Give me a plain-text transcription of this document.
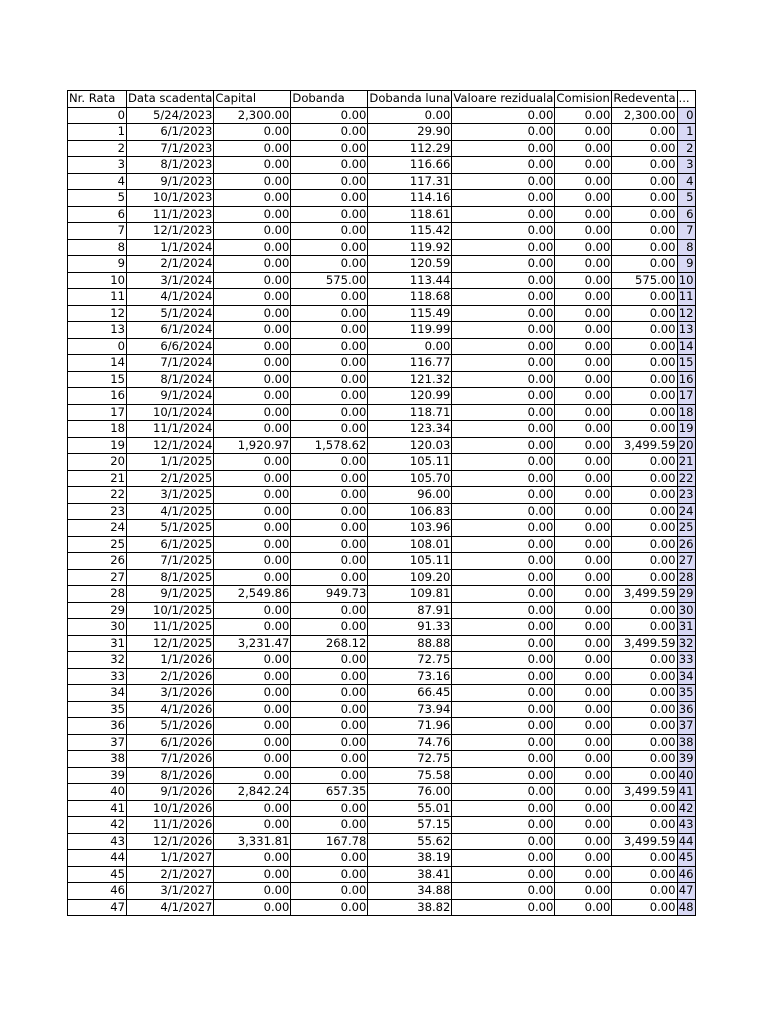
Nr. Rata	Data scadenta	Capital	Dobanda	Dobanda luna	Valoare reziduala	Comision	Redeventa	...
0	5/24/2023	2,300.00	0.00	0.00	0.00	0.00	2,300.00	0
1	6/1/2023	0.00	0.00	29.90	0.00	0.00	0.00	1
2	7/1/2023	0.00	0.00	112.29	0.00	0.00	0.00	2
3	8/1/2023	0.00	0.00	116.66	0.00	0.00	0.00	3
4	9/1/2023	0.00	0.00	117.31	0.00	0.00	0.00	4
5	10/1/2023	0.00	0.00	114.16	0.00	0.00	0.00	5
6	11/1/2023	0.00	0.00	118.61	0.00	0.00	0.00	6
7	12/1/2023	0.00	0.00	115.42	0.00	0.00	0.00	7
8	1/1/2024	0.00	0.00	119.92	0.00	0.00	0.00	8
9	2/1/2024	0.00	0.00	120.59	0.00	0.00	0.00	9
10	3/1/2024	0.00	575.00	113.44	0.00	0.00	575.00	10
11	4/1/2024	0.00	0.00	118.68	0.00	0.00	0.00	11
12	5/1/2024	0.00	0.00	115.49	0.00	0.00	0.00	12
13	6/1/2024	0.00	0.00	119.99	0.00	0.00	0.00	13
0	6/6/2024	0.00	0.00	0.00	0.00	0.00	0.00	14
14	7/1/2024	0.00	0.00	116.77	0.00	0.00	0.00	15
15	8/1/2024	0.00	0.00	121.32	0.00	0.00	0.00	16
16	9/1/2024	0.00	0.00	120.99	0.00	0.00	0.00	17
17	10/1/2024	0.00	0.00	118.71	0.00	0.00	0.00	18
18	11/1/2024	0.00	0.00	123.34	0.00	0.00	0.00	19
19	12/1/2024	1,920.97	1,578.62	120.03	0.00	0.00	3,499.59	20
20	1/1/2025	0.00	0.00	105.11	0.00	0.00	0.00	21
21	2/1/2025	0.00	0.00	105.70	0.00	0.00	0.00	22
22	3/1/2025	0.00	0.00	96.00	0.00	0.00	0.00	23
23	4/1/2025	0.00	0.00	106.83	0.00	0.00	0.00	24
24	5/1/2025	0.00	0.00	103.96	0.00	0.00	0.00	25
25	6/1/2025	0.00	0.00	108.01	0.00	0.00	0.00	26
26	7/1/2025	0.00	0.00	105.11	0.00	0.00	0.00	27
27	8/1/2025	0.00	0.00	109.20	0.00	0.00	0.00	28
28	9/1/2025	2,549.86	949.73	109.81	0.00	0.00	3,499.59	29
29	10/1/2025	0.00	0.00	87.91	0.00	0.00	0.00	30
30	11/1/2025	0.00	0.00	91.33	0.00	0.00	0.00	31
31	12/1/2025	3,231.47	268.12	88.88	0.00	0.00	3,499.59	32
32	1/1/2026	0.00	0.00	72.75	0.00	0.00	0.00	33
33	2/1/2026	0.00	0.00	73.16	0.00	0.00	0.00	34
34	3/1/2026	0.00	0.00	66.45	0.00	0.00	0.00	35
35	4/1/2026	0.00	0.00	73.94	0.00	0.00	0.00	36
36	5/1/2026	0.00	0.00	71.96	0.00	0.00	0.00	37
37	6/1/2026	0.00	0.00	74.76	0.00	0.00	0.00	38
38	7/1/2026	0.00	0.00	72.75	0.00	0.00	0.00	39
39	8/1/2026	0.00	0.00	75.58	0.00	0.00	0.00	40
40	9/1/2026	2,842.24	657.35	76.00	0.00	0.00	3,499.59	41
41	10/1/2026	0.00	0.00	55.01	0.00	0.00	0.00	42
42	11/1/2026	0.00	0.00	57.15	0.00	0.00	0.00	43
43	12/1/2026	3,331.81	167.78	55.62	0.00	0.00	3,499.59	44
44	1/1/2027	0.00	0.00	38.19	0.00	0.00	0.00	45
45	2/1/2027	0.00	0.00	38.41	0.00	0.00	0.00	46
46	3/1/2027	0.00	0.00	34.88	0.00	0.00	0.00	47
47	4/1/2027	0.00	0.00	38.82	0.00	0.00	0.00	48
